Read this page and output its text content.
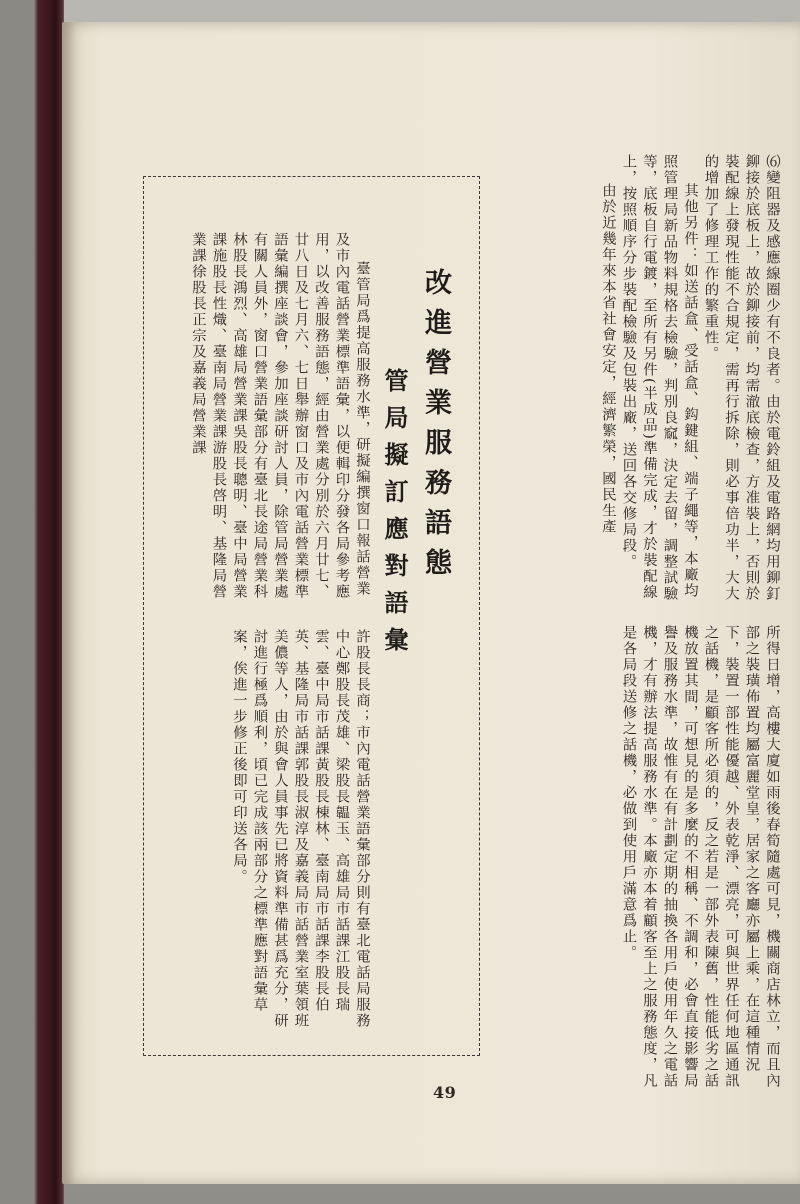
⑹變阻器及感應線圈少有不良者。由於電鈴組及電路網均用鉚釘鉚接於底板上，故於鉚接前，均需澈底檢查，方准裝上，否則於裝配線上發現性能不合規定，需再行拆除，則必事倍功半，大大的增加了修理工作的繁重性。

其他另件：如送話盒、受話盒、鈎鍵組、端子繩等，本廠均照管理局新品物料規格去檢驗，判別良窳，決定去留，調整試驗等，底板自行電鍍，至所有另件(半成品)準備完成，才於裝配線上，按照順序分步裝配檢驗及包裝出廠，送回各交修局段。

由於近幾年來本省社會安定，經濟繁榮，國民生產

所得日增，高樓大廈如雨後春筍隨處可見，機關商店林立，而且內部之裝璜佈置均屬富麗堂皇，居家之客廳亦屬上乘，在這種情況下，裝置一部性能優越、外表乾淨、漂亮，可與世界任何地區通訊之話機，是顧客所必須的，反之若是一部外表陳舊，性能低劣之話機放置其間，可想見的是多麼的不相稱、不調和，必會直接影響局譽及服務水準，故惟有在有計劃定期的抽換各用戶使用年久之電話機，才有辦法提高服務水準。本廠亦本着顧客至上之服務態度，凡是各局段送修之話機，必做到使用戶滿意爲止。

改進營業服務語態
管局擬訂應對語彙

臺管局爲提高服務水準，研擬編撰窗口報話營業及市內電話營業標準語彙，以便輯印分發各局參考應用，以改善服務語態，經由營業處分別於六月廿七、廿八日及七月六、七日舉辦窗口及市內電話營業標準語彙編撰座談會，參加座談研討人員，除管局營業處有關人員外，窗口營業語彙部分有臺北長途局營業科林股長鴻烈、高雄局營業課吳股長聰明、臺中局營業課施股長性熾、臺南局營業課游股長啓明、基隆局營業課徐股長正宗及嘉義局營業課

許股長長商；市內電話營業語彙部分則有臺北電話局服務中心鄭股長茂雄、梁股長韞玉、高雄局市話課江股長瑞雲、臺中局市話課黃股長棟林、臺南局市話課李股長伯英、基隆局市話課郭股長淑淳及嘉義局市話營業室葉領班美儂等人，由於與會人員事先已將資料準備甚爲充分，研討進行極爲順利，頃已完成該兩部分之標準應對語彙草案，俟進一步修正後即可印送各局。

49
